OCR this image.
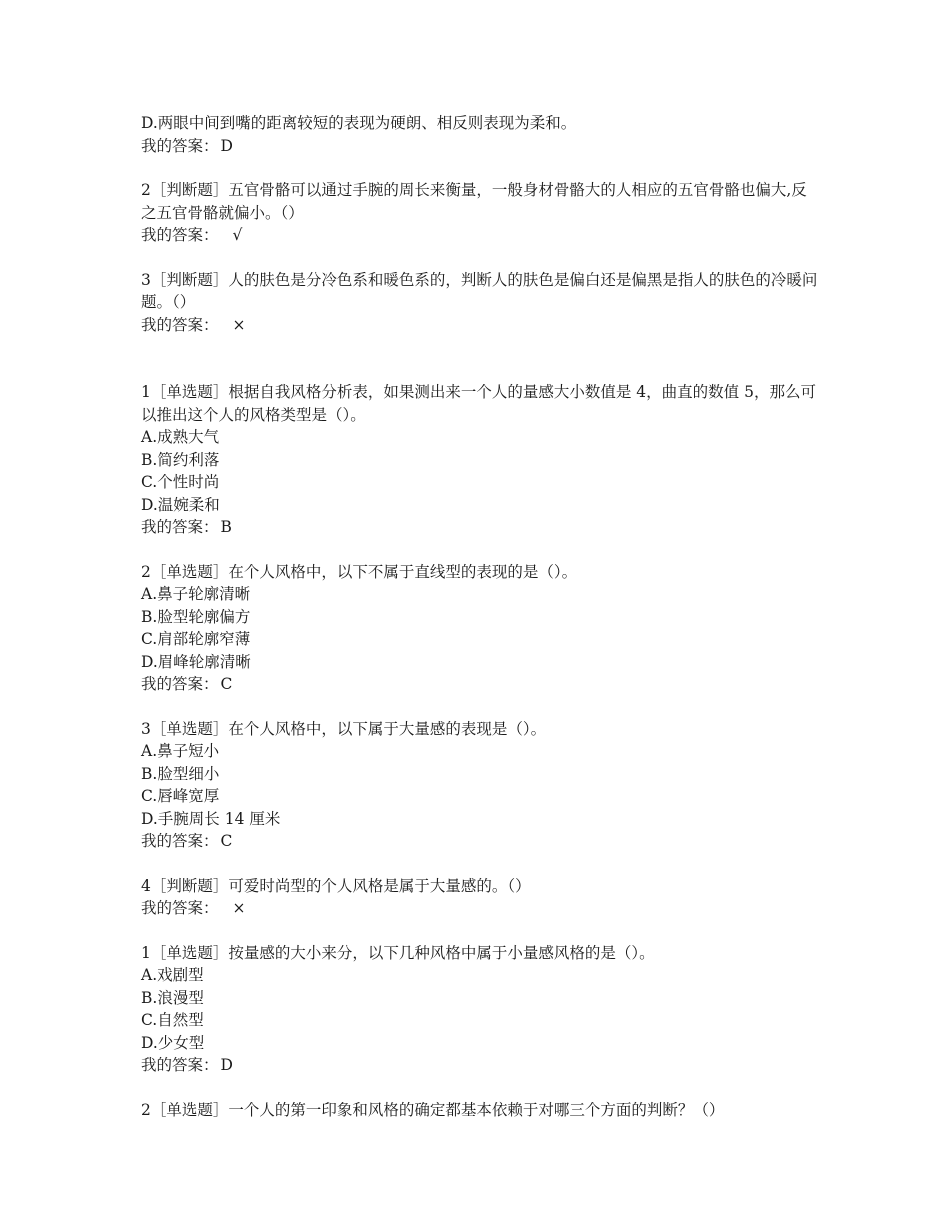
D.两眼中间到嘴的距离较短的表现为硬朗、相反则表现为柔和。
我的答案： D
2［判断题］五官骨骼可以通过手腕的周长来衡量，一般身材骨骼大的人相应的五官骨骼也偏大,反之五官骨骼就偏小。（）
我的答案： √
3［判断题］人的肤色是分冷色系和暖色系的，判断人的肤色是偏白还是偏黑是指人的肤色的冷暖问题。（）
我的答案： ×
1［单选题］根据自我风格分析表，如果测出来一个人的量感大小数值是 4，曲直的数值 5，那么可以推出这个人的风格类型是（）。
A.成熟大气
B.简约利落
C.个性时尚
D.温婉柔和
我的答案： B
2［单选题］在个人风格中，以下不属于直线型的表现的是（）。
A.鼻子轮廓清晰
B.脸型轮廓偏方
C.肩部轮廓窄薄
D.眉峰轮廓清晰
我的答案： C
3［单选题］在个人风格中，以下属于大量感的表现是（）。
A.鼻子短小
B.脸型细小
C.唇峰宽厚
D.手腕周长 14 厘米
我的答案： C
4［判断题］可爱时尚型的个人风格是属于大量感的。（）
我的答案： ×
1［单选题］按量感的大小来分，以下几种风格中属于小量感风格的是（）。
A.戏剧型
B.浪漫型
C.自然型
D.少女型
我的答案： D
2［单选题］一个人的第一印象和风格的确定都基本依赖于对哪三个方面的判断？（）
